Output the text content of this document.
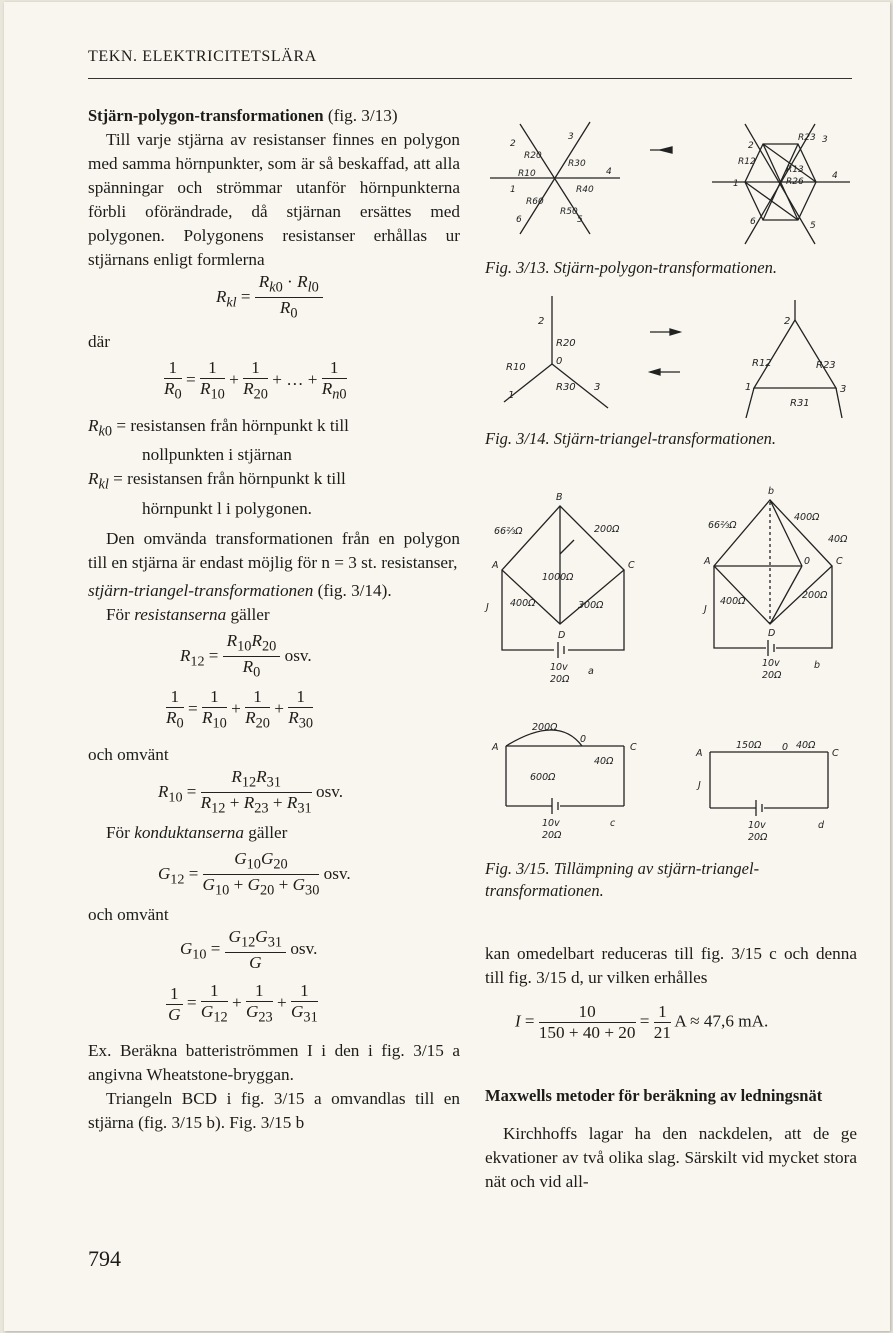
TEKN. ELEKTRICITETSLÄRA

Stjärn-polygon-transformationen (fig. 3/13)

Till varje stjärna av resistanser finnes en polygon med samma hörnpunkter, som är så beskaffad, att alla spänningar och strömmar utanför hörnpunkterna förbli oförändrade, då stjärnan ersättes med polygonen. Polygonens resistanser erhållas ur stjärnans enligt formlerna

$R_{kl} = \frac{R_{k0} \cdot R_{l0}}{R_0}$

där

$\frac{1}{R_0} = \frac{1}{R_{10}} + \frac{1}{R_{20}}$ + … + $\frac{1}{R_{n0}}$

$R_{k0}$ = resistansen från hörnpunkt k till

nollpunkten i stjärnan

$R_{kl}$ = resistansen från hörnpunkt k till

hörnpunkt l i polygonen.

Den omvända transformationen från en polygon till en stjärna är endast möjlig för n = 3 st. resistanser,

stjärn-triangel-transformationen (fig. 3/14).

För resistanserna gäller

$R_{12} = \frac{R_{10}R_{20}}{R_0}$ osv.
$\frac{1}{R_0} = \frac{1}{R_{10}} + \frac{1}{R_{20}} + \frac{1}{R_{30}}$

och omvänt

$R_{10} = \frac{R_{12}R_{31}}{R_{12} + R_{23} + R_{31}}$ osv.

För konduktanserna gäller

$G_{12} = \frac{G_{10}G_{20}}{G_{10} + G_{20} + G_{30}}$ osv.

och omvänt

$G_{10} = \frac{G_{12}G_{31}}{G}$ osv.
$\frac{1}{G} = \frac{1}{G_{12}} + \frac{1}{G_{23}} + \frac{1}{G_{31}}$

Ex. Beräkna batteriströmmen I i den i fig. 3/15 a angivna Wheatstone-bryggan.

Triangeln BCD i fig. 3/15 a omvandlas till en stjärna (fig. 3/15 b). Fig. 3/15 b

794
2
3
4
1
6	5
R20
R30
R10
R40
R60
R50
2
R23 3
R12
R13
R26
1
4
6	5
Fig. 3/13. Stjärn-polygon-transformationen.
2
R20
0
R10
1
R30 3
2
R12	R23
1	3
R31
Fig. 3/14. Stjärn-triangel-transformationen.
B
A	C
J
D
66⅔Ω	200Ω
1000Ω
400Ω	300Ω
10v
20Ω
a
b
A	C
J
D
0
66⅔Ω
400Ω
40Ω
400Ω
200Ω
10v
20Ω
b
A
0
C
200Ω
40Ω
600Ω
10v
20Ω
c
A
0
C
J
150Ω	40Ω
10v
20Ω
d
Fig. 3/15. Tillämpning av stjärn-triangel-transformationen.

kan omedelbart reduceras till fig. 3/15 c och denna till fig. 3/15 d, ur vilken erhålles

$I = \frac{10}{150 + 40 + 20} = \frac{1}{21}$ A ≈ 47,6 mA.

Maxwells metoder för beräkning av ledningsnät

Kirchhoffs lagar ha den nackdelen, att de ge ekvationer av två olika slag. Särskilt vid mycket stora nät och vid all-
